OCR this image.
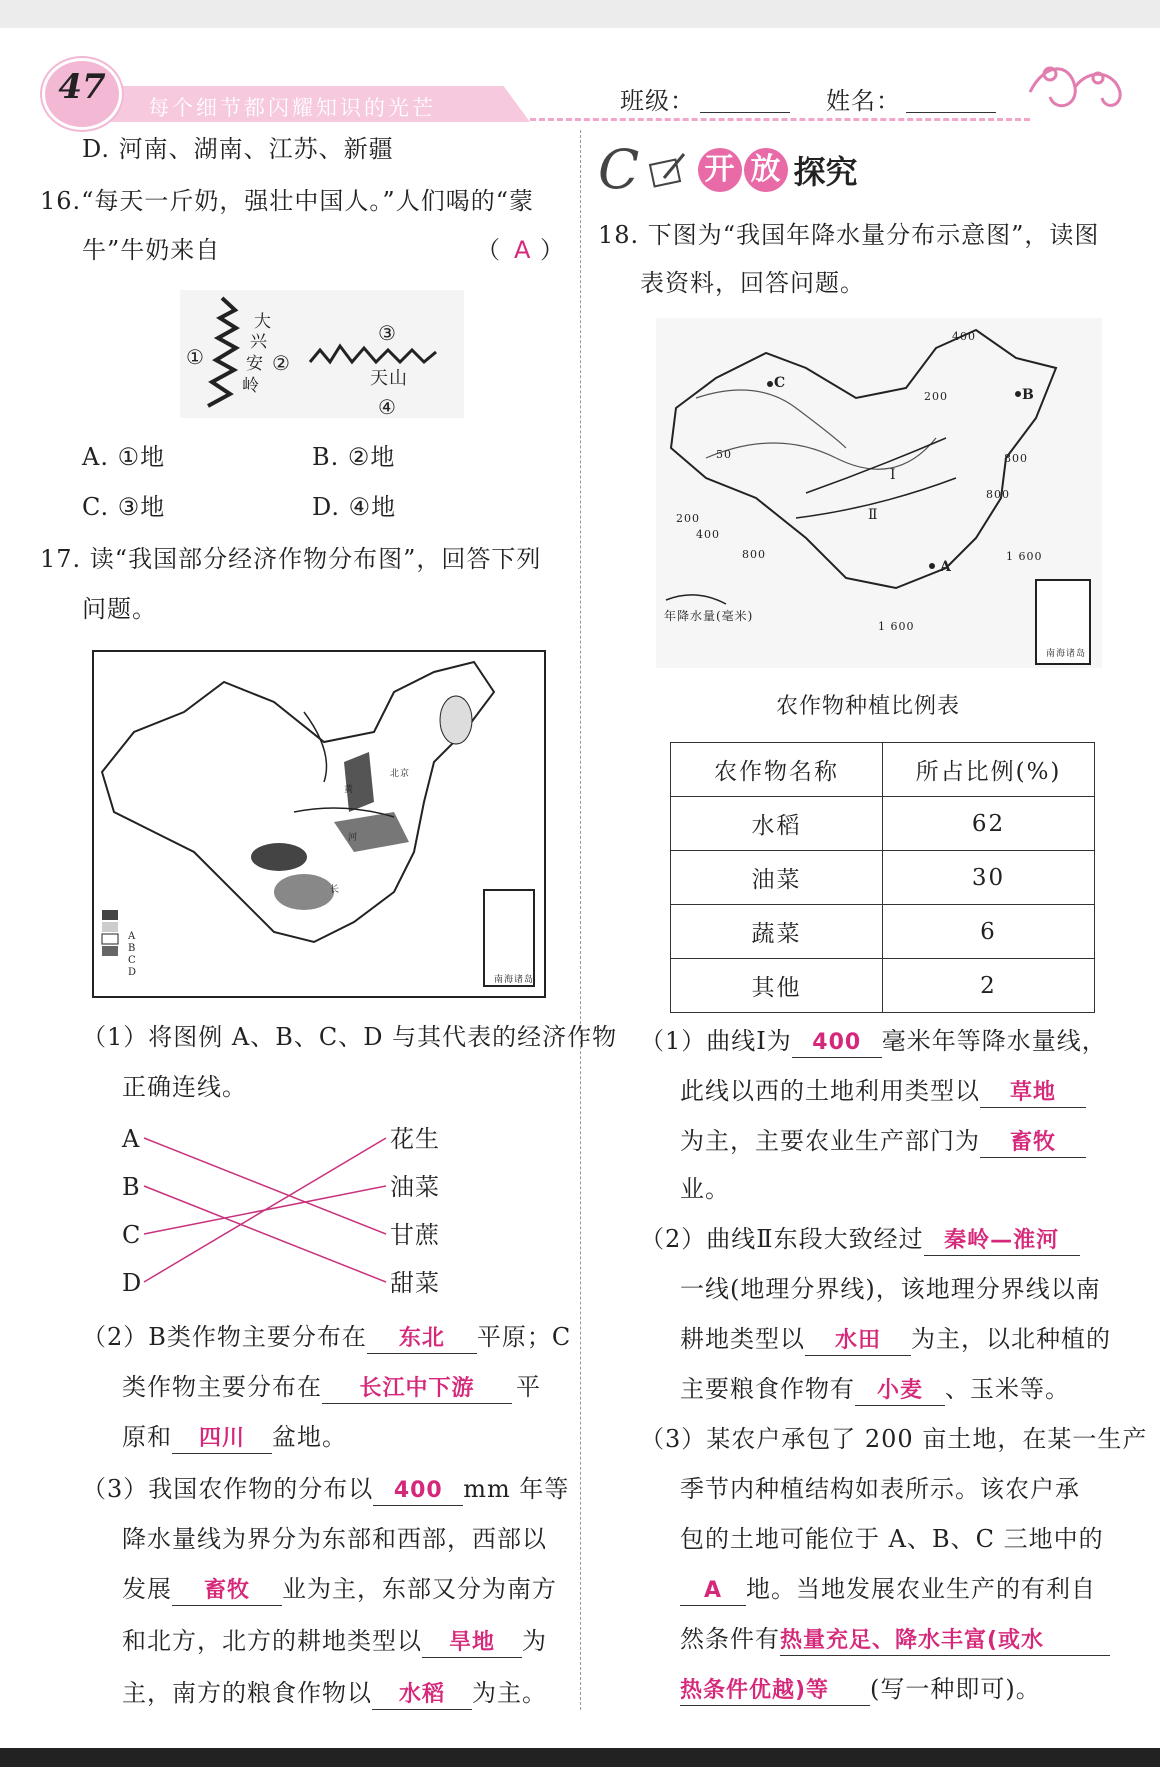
47
每个细节都闪耀知识的光芒	班级：	姓名：
D. 河南、湖南、江苏、新疆
16.“每天一斤奶，强壮中国人。”人们喝的“蒙
牛”牛奶来自	（ A ）
①	②
③
④
大
兴
安
岭	天山
A. ①地	B. ②地
C. ③地	D. ④地
17. 读“我国部分经济作物分布图”，回答下列
问题。
A
B
C
D
南海诸岛
北京
黄
河
长
（1）将图例 A、B、C、D 与其代表的经济作物
正确连线。
A
B
C
D
花生
油菜
甘蔗
甜菜
（2）B类作物主要分布在 东北 平原；C
类作物主要分布在 长江中下游 平
原和 四川 盆地。
（3）我国农作物的分布以 400 mm 年等
降水量线为界分为东部和西部，西部以
发展 畜牧 业为主，东部又分为南方
和北方，北方的耕地类型以 旱地 为
主，南方的粮食作物以 水稻 为主。
C 开 放 探究
18. 下图为“我国年降水量分布示意图”，读图
表资料，回答问题。
400
200
50	800
800
200
400
800	1 600
1 600
C
B
A
Ⅰ
Ⅱ
年降水量(毫米)
南海诸岛
农作物种植比例表
农作物名称	所占比例(%)
水稻	62
油菜	30
蔬菜	6
其他	2
（1）曲线Ⅰ为 400 毫米年等降水量线，
此线以西的土地利用类型以 草地
为主，主要农业生产部门为 畜牧
业。
（2）曲线Ⅱ东段大致经过 秦岭—淮河
一线(地理分界线)，该地理分界线以南
耕地类型以 水田 为主，以北种植的
主要粮食作物有 小麦 、玉米等。
（3）某农户承包了 200 亩土地，在某一生产
季节内种植结构如表所示。该农户承
包的土地可能位于 A、B、C 三地中的
A 地。当地发展农业生产的有利自
然条件有热量充足、降水丰富(或水
热条件优越)等 (写一种即可)。
